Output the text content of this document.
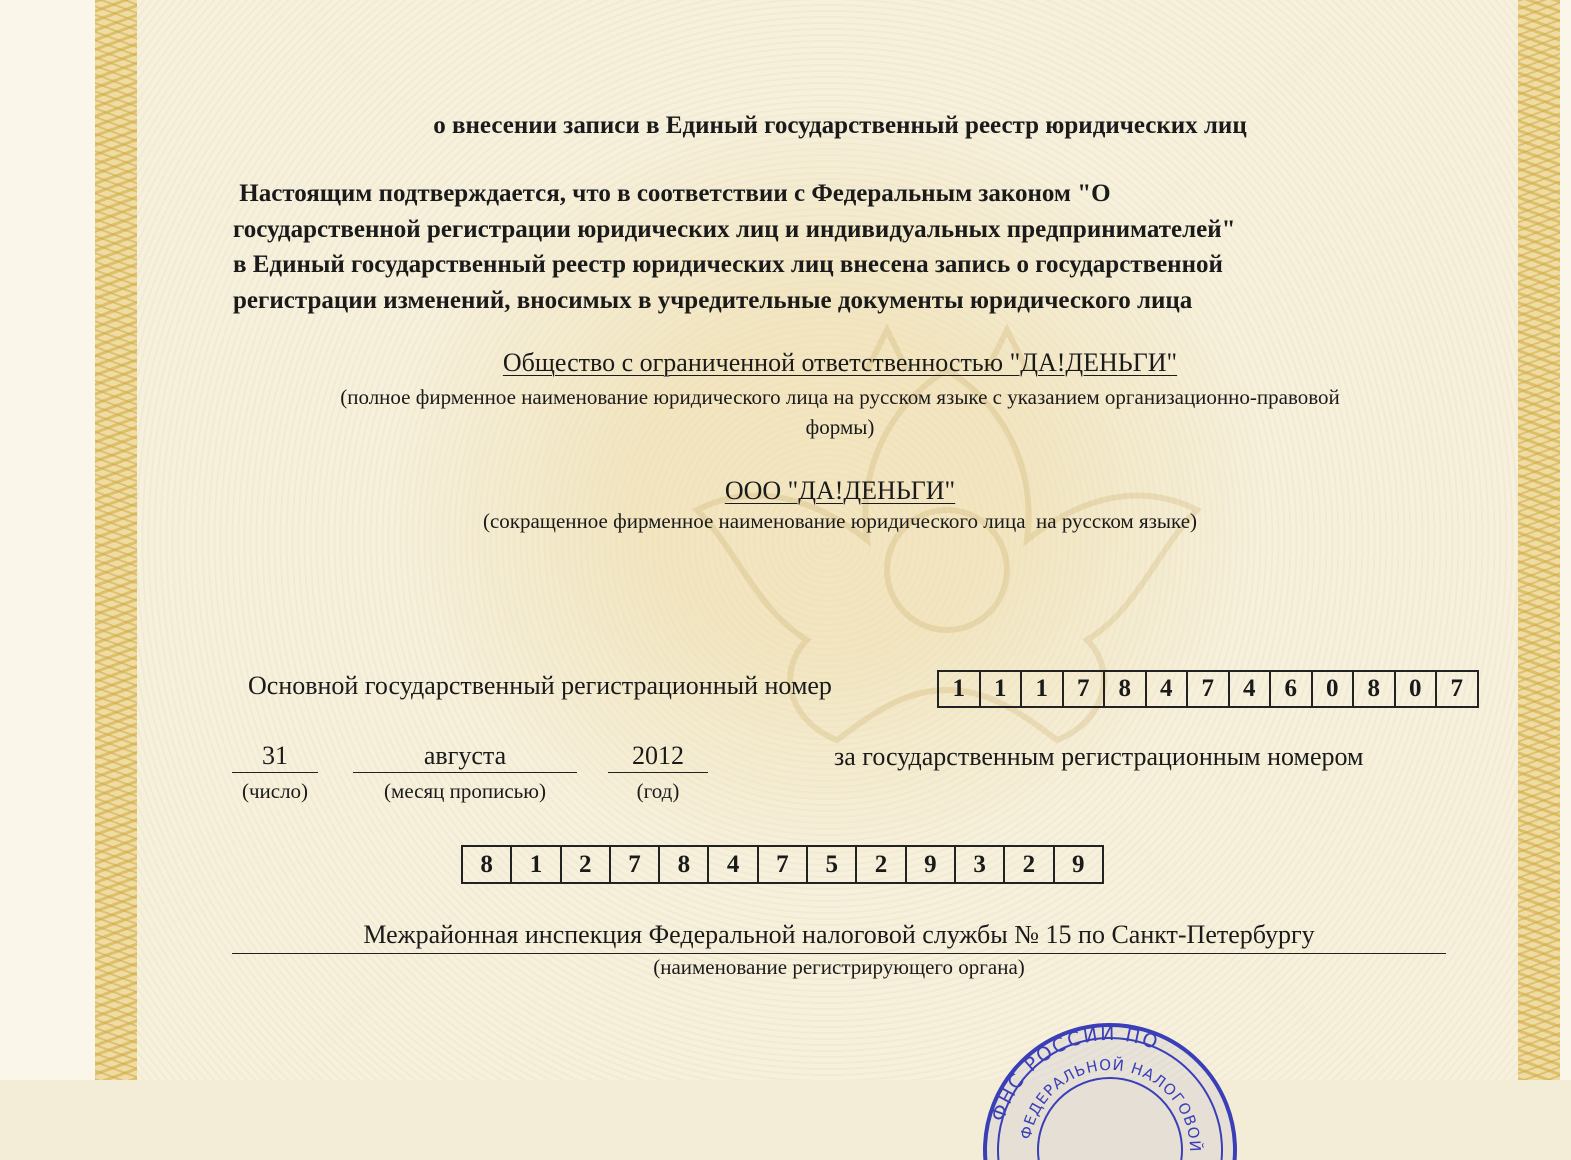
о внесении записи в Единый государственный реестр юридических лиц
Настоящим подтверждается, что в соответствии с Федеральным законом "О
государственной регистрации юридических лиц и индивидуальных предпринимателей"
в Единый государственный реестр юридических лиц внесена запись о государственной
регистрации изменений, вносимых в учредительные документы юридического лица
Общество с ограниченной ответственностью "ДА!ДЕНЬГИ"
(полное фирменное наименование юридического лица на русском языке с указанием организационно-правовой
формы)
ООО "ДА!ДЕНЬГИ"
(сокращенное фирменное наименование юридического лица  на русском языке)
Основной государственный регистрационный номер	1	1	1	7	8	4	7	4	6	0	8	0	7
31
(число)
августа
(месяц прописью)
2012
(год)
за государственным регистрационным номером
8	1	2	7	8	4	7	5	2	9	3	2	9
Межрайонная инспекция Федеральной налоговой службы № 15 по Санкт-Петербургу
(наименование регистрирующего органа)
ФНС РОССИИ ПО
ФЕДЕРАЛЬНОЙ НАЛОГОВОЙ
